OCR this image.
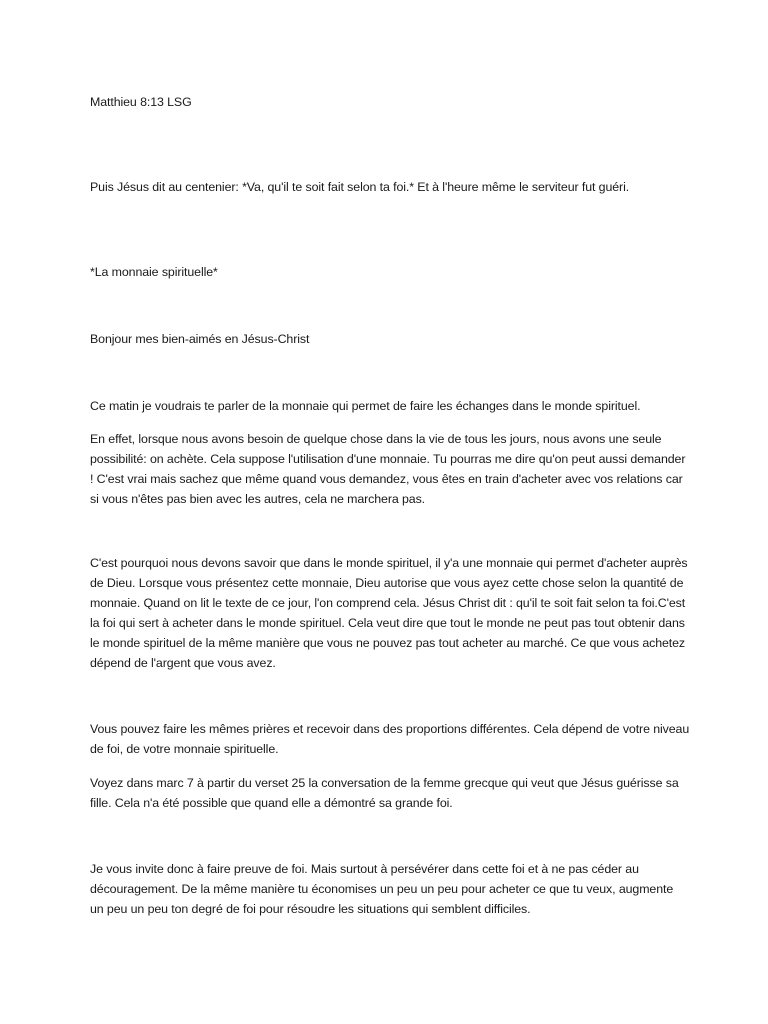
Matthieu 8:13 LSG

Puis Jésus dit au centenier: *Va, qu'il te soit fait selon ta foi.* Et à l'heure même le serviteur fut guéri.

*La monnaie spirituelle*

Bonjour mes bien-aimés en Jésus-Christ

Ce matin je voudrais te parler de la monnaie qui permet de faire les échanges dans le monde spirituel.

En effet, lorsque nous avons besoin de quelque chose dans la vie de tous les jours, nous avons une seule possibilité: on achète. Cela suppose l'utilisation d'une monnaie. Tu pourras me dire qu'on peut aussi demander ! C'est vrai mais sachez que même quand vous demandez, vous êtes en train d'acheter avec vos relations car si vous n'êtes pas bien avec les autres, cela ne marchera pas.

C'est pourquoi nous devons savoir que dans le monde spirituel, il y'a une monnaie qui permet d'acheter auprès de Dieu. Lorsque vous présentez cette monnaie, Dieu autorise que vous ayez cette chose selon la quantité de monnaie. Quand on lit le texte de ce jour, l'on comprend cela. Jésus Christ dit : qu'il te soit fait selon ta foi.C'est la foi qui sert à acheter dans le monde spirituel. Cela veut dire que tout le monde ne peut pas tout obtenir dans le monde spirituel de la même manière que vous ne pouvez pas tout acheter au marché. Ce que vous achetez dépend de l'argent que vous avez.

Vous pouvez faire les mêmes prières et recevoir dans des proportions différentes. Cela dépend de votre niveau de foi, de votre monnaie spirituelle.

Voyez dans marc 7 à partir du verset 25 la conversation de la femme grecque qui veut que Jésus guérisse sa fille. Cela n'a été possible que quand elle a démontré sa grande foi.

Je vous invite donc à faire preuve de foi. Mais surtout à persévérer dans cette foi et à ne pas céder au découragement. De la même manière tu économises un peu un peu pour acheter ce que tu veux, augmente un peu un peu ton degré de foi pour résoudre les situations qui semblent difficiles.
